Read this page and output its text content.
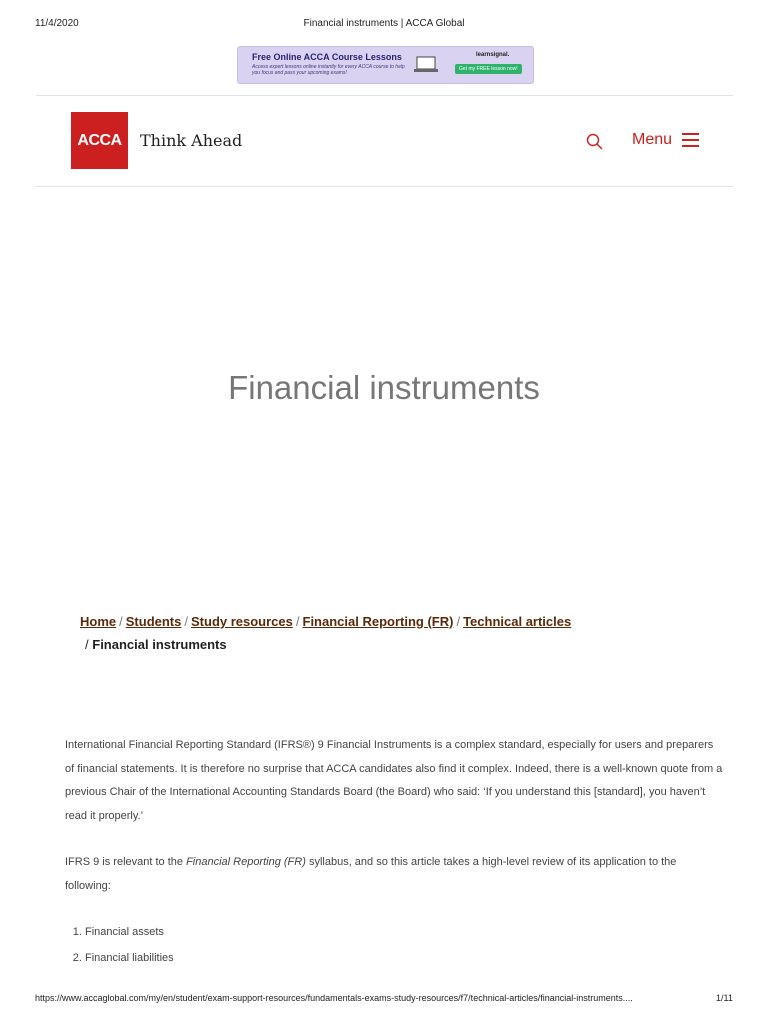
11/4/2020	Financial instruments | ACCA Global
Free Online ACCA Course Lessons
Access expert lessons online instantly for every ACCA course to help you focus and pass your upcoming exams!
learnsignal.
Get my FREE lesson now!
ACCA	Think Ahead	Menu
Financial instruments
Home / Students / Study resources / Financial Reporting (FR) / Technical articles
/ Financial instruments

International Financial Reporting Standard (IFRS®) 9 Financial Instruments is a complex standard, especially for users and preparers of financial statements. It is therefore no surprise that ACCA candidates also find it complex. Indeed, there is a well-known quote from a previous Chair of the International Accounting Standards Board (the Board) who said: ‘If you understand this [standard], you haven’t read it properly.’

IFRS 9 is relevant to the Financial Reporting (FR) syllabus, and so this article takes a high-level review of its application to the following:

1. Financial assets
2. Financial liabilities
https://www.accaglobal.com/my/en/student/exam-support-resources/fundamentals-exams-study-resources/f7/technical-articles/financial-instruments....	1/11
